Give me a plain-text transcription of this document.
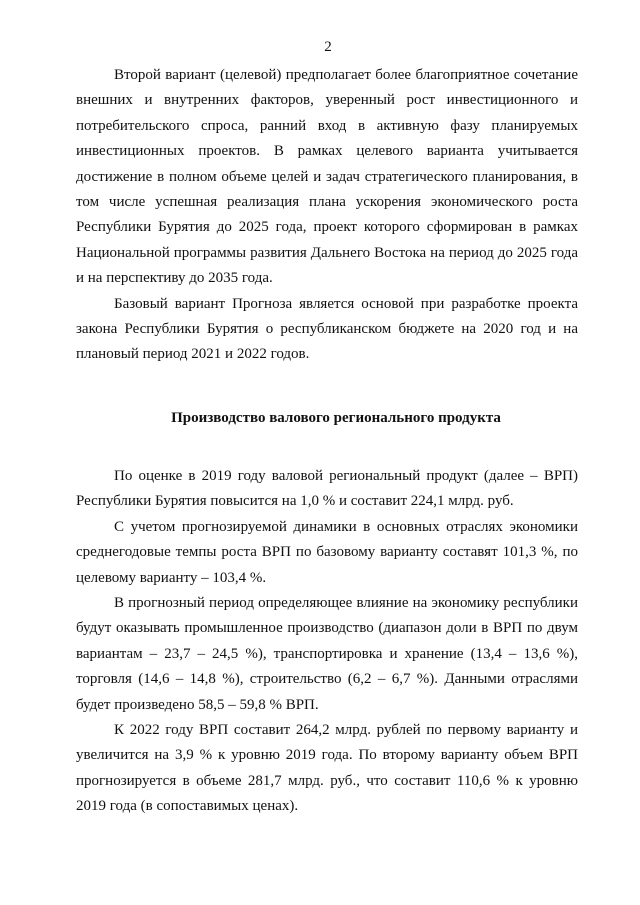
2

Второй вариант (целевой) предполагает более благоприятное сочетание внешних и внутренних факторов, уверенный рост инвестиционного и потребительского спроса, ранний вход в активную фазу планируемых инвестиционных проектов. В рамках целевого варианта учитывается достижение в полном объеме целей и задач стратегического планирования, в том числе успешная реализация плана ускорения экономического роста Республики Бурятия до 2025 года, проект которого сформирован в рамках Национальной программы развития Дальнего Востока на период до 2025 года и на перспективу до 2035 года.

Базовый вариант Прогноза является основой при разработке проекта закона Республики Бурятия о республиканском бюджете на 2020 год и на плановый период 2021 и 2022 годов.

Производство валового регионального продукта

По оценке в 2019 году валовой региональный продукт (далее – ВРП) Республики Бурятия повысится на 1,0 % и составит 224,1 млрд. руб.

С учетом прогнозируемой динамики в основных отраслях экономики среднегодовые темпы роста ВРП по базовому варианту составят 101,3 %, по целевому варианту – 103,4 %.

В прогнозный период определяющее влияние на экономику республики будут оказывать промышленное производство (диапазон доли в ВРП по двум вариантам – 23,7 – 24,5 %), транспортировка и хранение (13,4 – 13,6 %), торговля (14,6 – 14,8 %), строительство (6,2 – 6,7 %). Данными отраслями будет произведено 58,5 – 59,8 % ВРП.

К 2022 году ВРП составит 264,2 млрд. рублей по первому варианту и увеличится на 3,9 % к уровню 2019 года. По второму варианту объем ВРП прогнозируется в объеме 281,7 млрд. руб., что составит 110,6 % к уровню 2019 года (в сопоставимых ценах).
